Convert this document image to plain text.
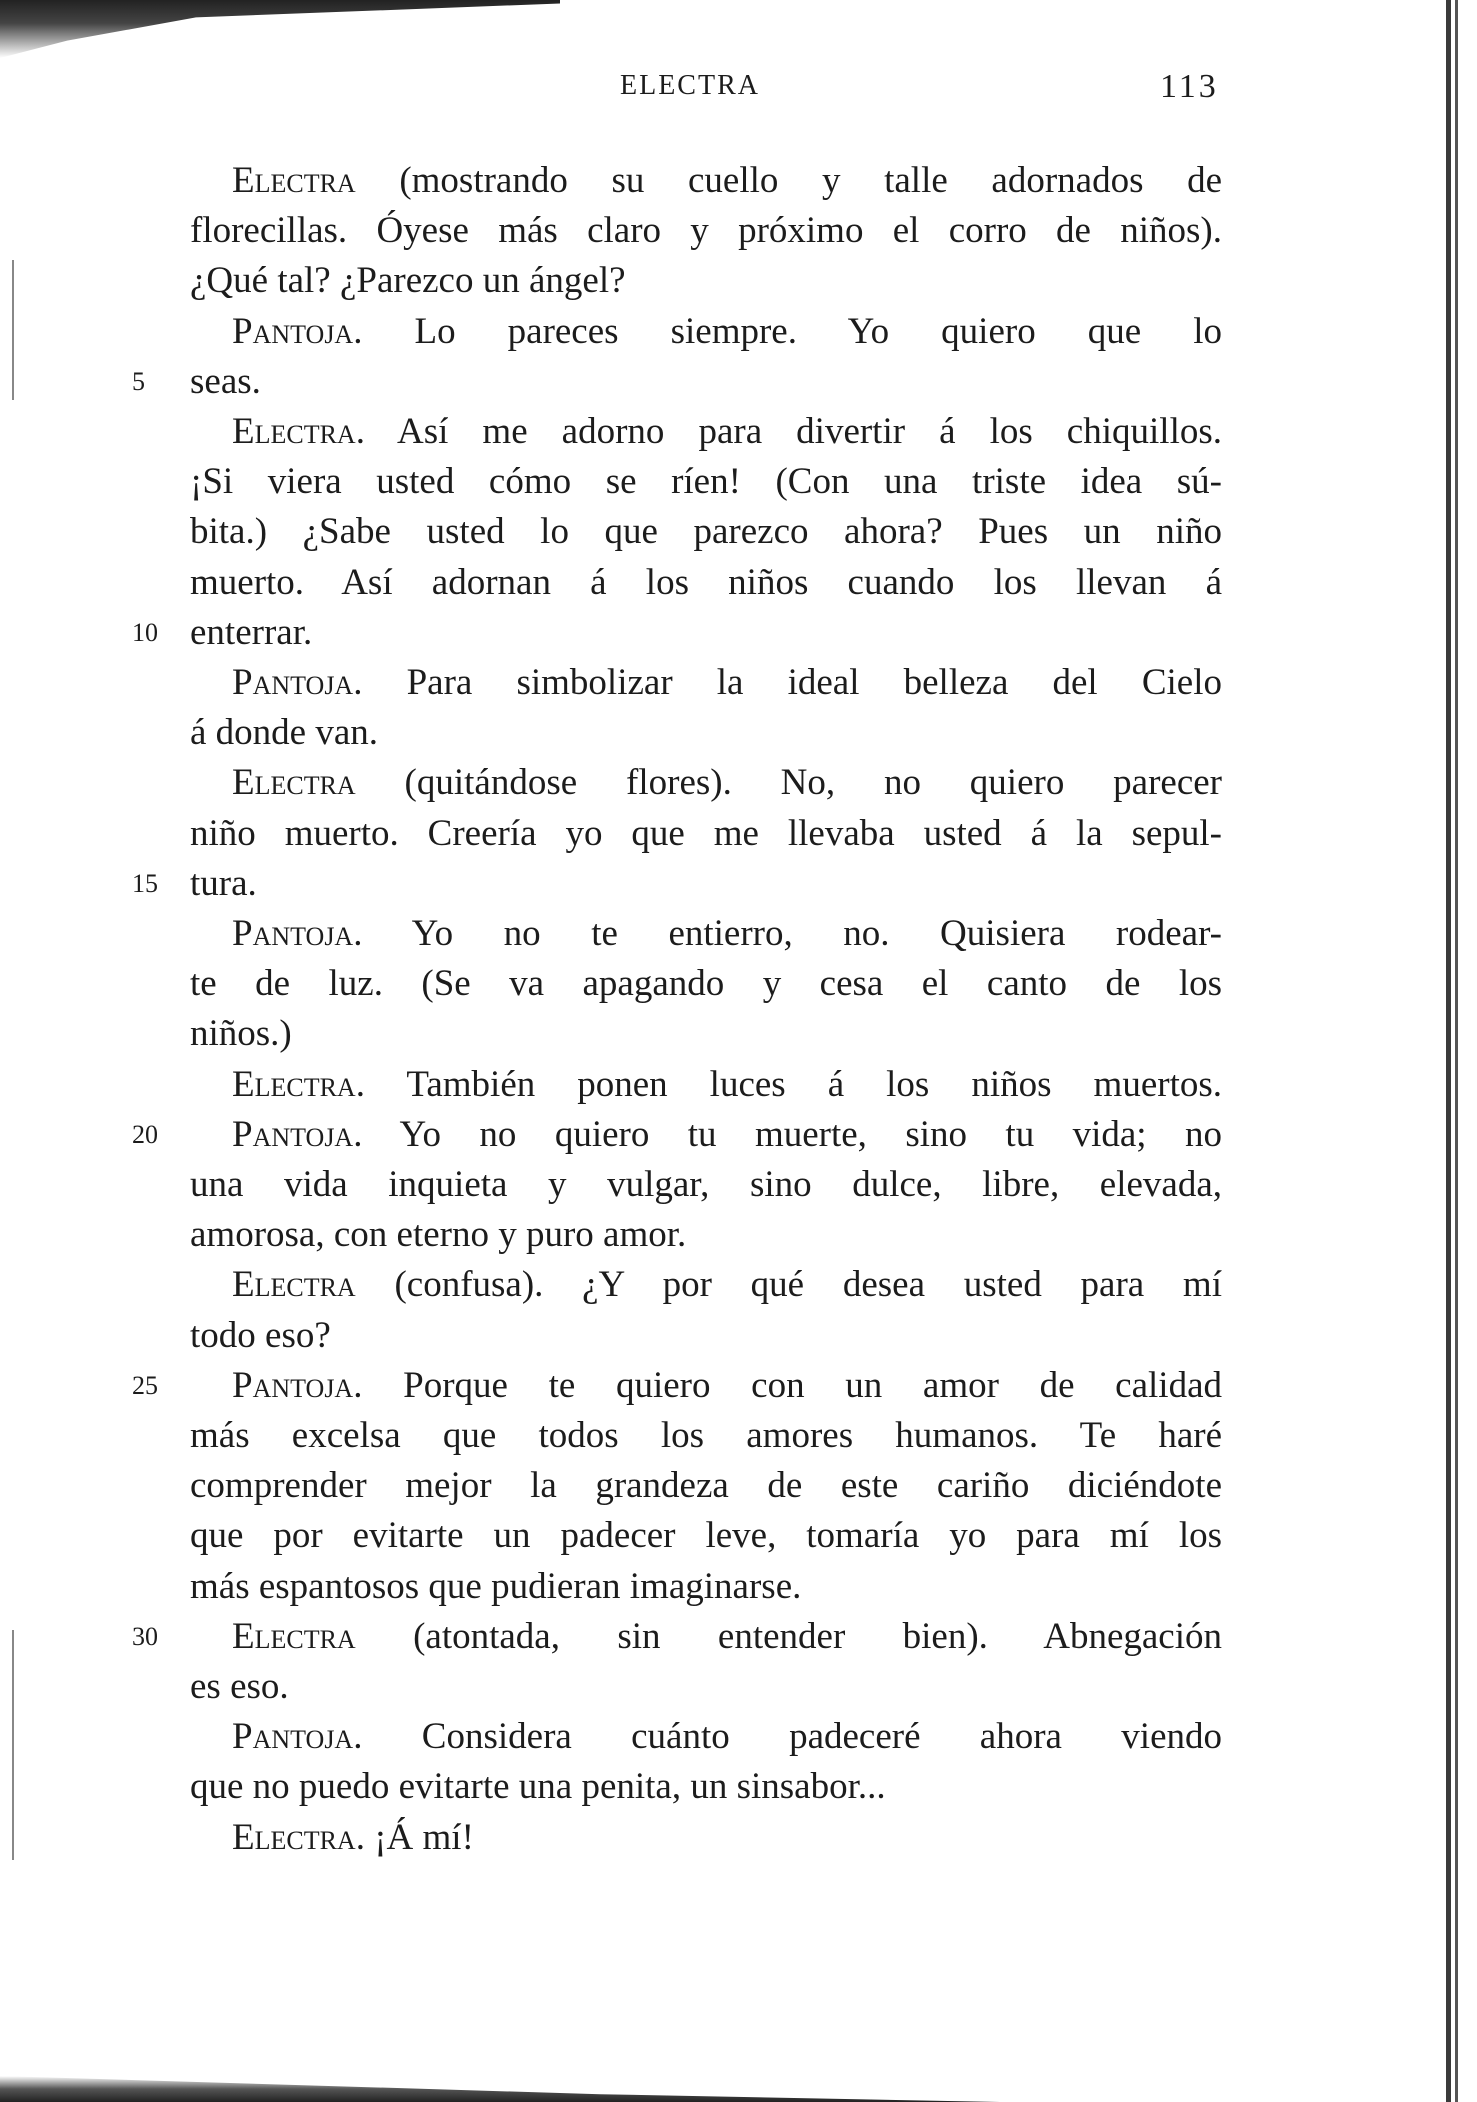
ELECTRA	113
Electra (mostrando su cuello y talle adornados de
florecillas. Óyese más claro y próximo el corro de niños).
¿Qué tal? ¿Parezco un ángel?
Pantoja. Lo pareces siempre. Yo quiero que lo
seas.
5
Electra. Así me adorno para divertir á los chiquillos.
¡Si viera usted cómo se ríen! (Con una triste idea sú-
bita.) ¿Sabe usted lo que parezco ahora? Pues un niño
muerto. Así adornan á los niños cuando los llevan á
enterrar.
10
Pantoja. Para simbolizar la ideal belleza del Cielo
á donde van.
Electra (quitándose flores). No, no quiero parecer
niño muerto. Creería yo que me llevaba usted á la sepul-
tura.
15
Pantoja. Yo no te entierro, no. Quisiera rodear-
te de luz. (Se va apagando y cesa el canto de los
niños.)
Electra. También ponen luces á los niños muertos.
Pantoja. Yo no quiero tu muerte, sino tu vida; no
20
una vida inquieta y vulgar, sino dulce, libre, elevada,
amorosa, con eterno y puro amor.
Electra (confusa). ¿Y por qué desea usted para mí
todo eso?
Pantoja. Porque te quiero con un amor de calidad
25
más excelsa que todos los amores humanos. Te haré
comprender mejor la grandeza de este cariño diciéndote
que por evitarte un padecer leve, tomaría yo para mí los
más espantosos que pudieran imaginarse.
Electra (atontada, sin entender bien). Abnegación
30
es eso.
Pantoja. Considera cuánto padeceré ahora viendo
que no puedo evitarte una penita, un sinsabor...
Electra. ¡Á mí!
